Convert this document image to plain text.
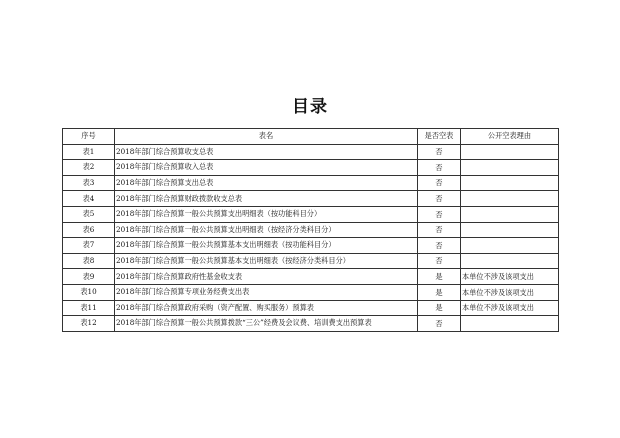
目录
序号	表名	是否空表	公开空表理由
表1	2018年部门综合预算收支总表	否	
表2	2018年部门综合预算收入总表	否	
表3	2018年部门综合预算支出总表	否	
表4	2018年部门综合预算财政拨款收支总表	否	
表5	2018年部门综合预算一般公共预算支出明细表（按功能科目分）	否	
表6	2018年部门综合预算一般公共预算支出明细表（按经济分类科目分）	否	
表7	2018年部门综合预算一般公共预算基本支出明细表（按功能科目分）	否	
表8	2018年部门综合预算一般公共预算基本支出明细表（按经济分类科目分）	否	
表9	2018年部门综合预算政府性基金收支表	是	本单位不涉及该项支出
表10	2018年部门综合预算专项业务经费支出表	是	本单位不涉及该项支出
表11	2018年部门综合预算政府采购（资产配置、购买服务）预算表	是	本单位不涉及该项支出
表12	2018年部门综合预算一般公共预算拨款“三公”经费及会议费、培训费支出预算表	否	
